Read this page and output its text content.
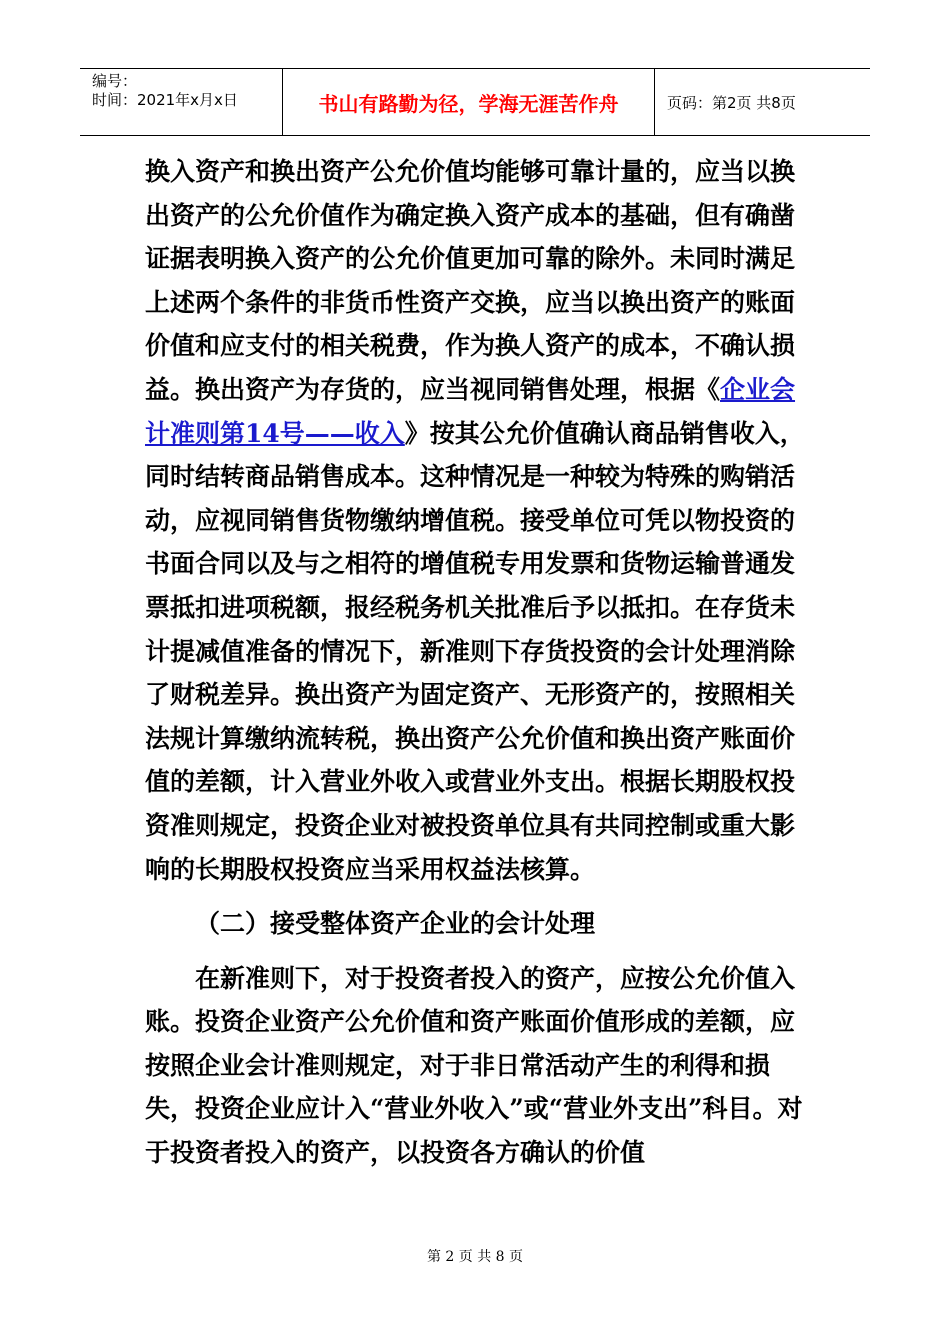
编号：
时间：2021年x月x日	书山有路勤为径，学海无涯苦作舟	页码：第2页 共8页

换入资产和换出资产公允价值均能够可靠计量的，应当以换出资产的公允价值作为确定换入资产成本的基础，但有确凿证据表明换入资产的公允价值更加可靠的除外。未同时满足上述两个条件的非货币性资产交换，应当以换出资产的账面价值和应支付的相关税费，作为换人资产的成本，不确认损益。换出资产为存货的，应当视同销售处理，根据《企业会计准则第14号——收入》按其公允价值确认商品销售收入，同时结转商品销售成本。这种情况是一种较为特殊的购销活动，应视同销售货物缴纳增值税。接受单位可凭以物投资的书面合同以及与之相符的增值税专用发票和货物运输普通发票抵扣进项税额，报经税务机关批准后予以抵扣。在存货未计提减值准备的情况下，新准则下存货投资的会计处理消除了财税差异。换出资产为固定资产、无形资产的，按照相关法规计算缴纳流转税，换出资产公允价值和换出资产账面价值的差额，计入营业外收入或营业外支出。根据长期股权投资准则规定，投资企业对被投资单位具有共同控制或重大影响的长期股权投资应当采用权益法核算。

（二）接受整体资产企业的会计处理

在新准则下，对于投资者投入的资产，应按公允价值入账。投资企业资产公允价值和资产账面价值形成的差额，应按照企业会计准则规定，对于非日常活动产生的利得和损失，投资企业应计入“营业外收入”或“营业外支出”科目。对于投资者投入的资产，以投资各方确认的价值

第 2 页 共 8 页
